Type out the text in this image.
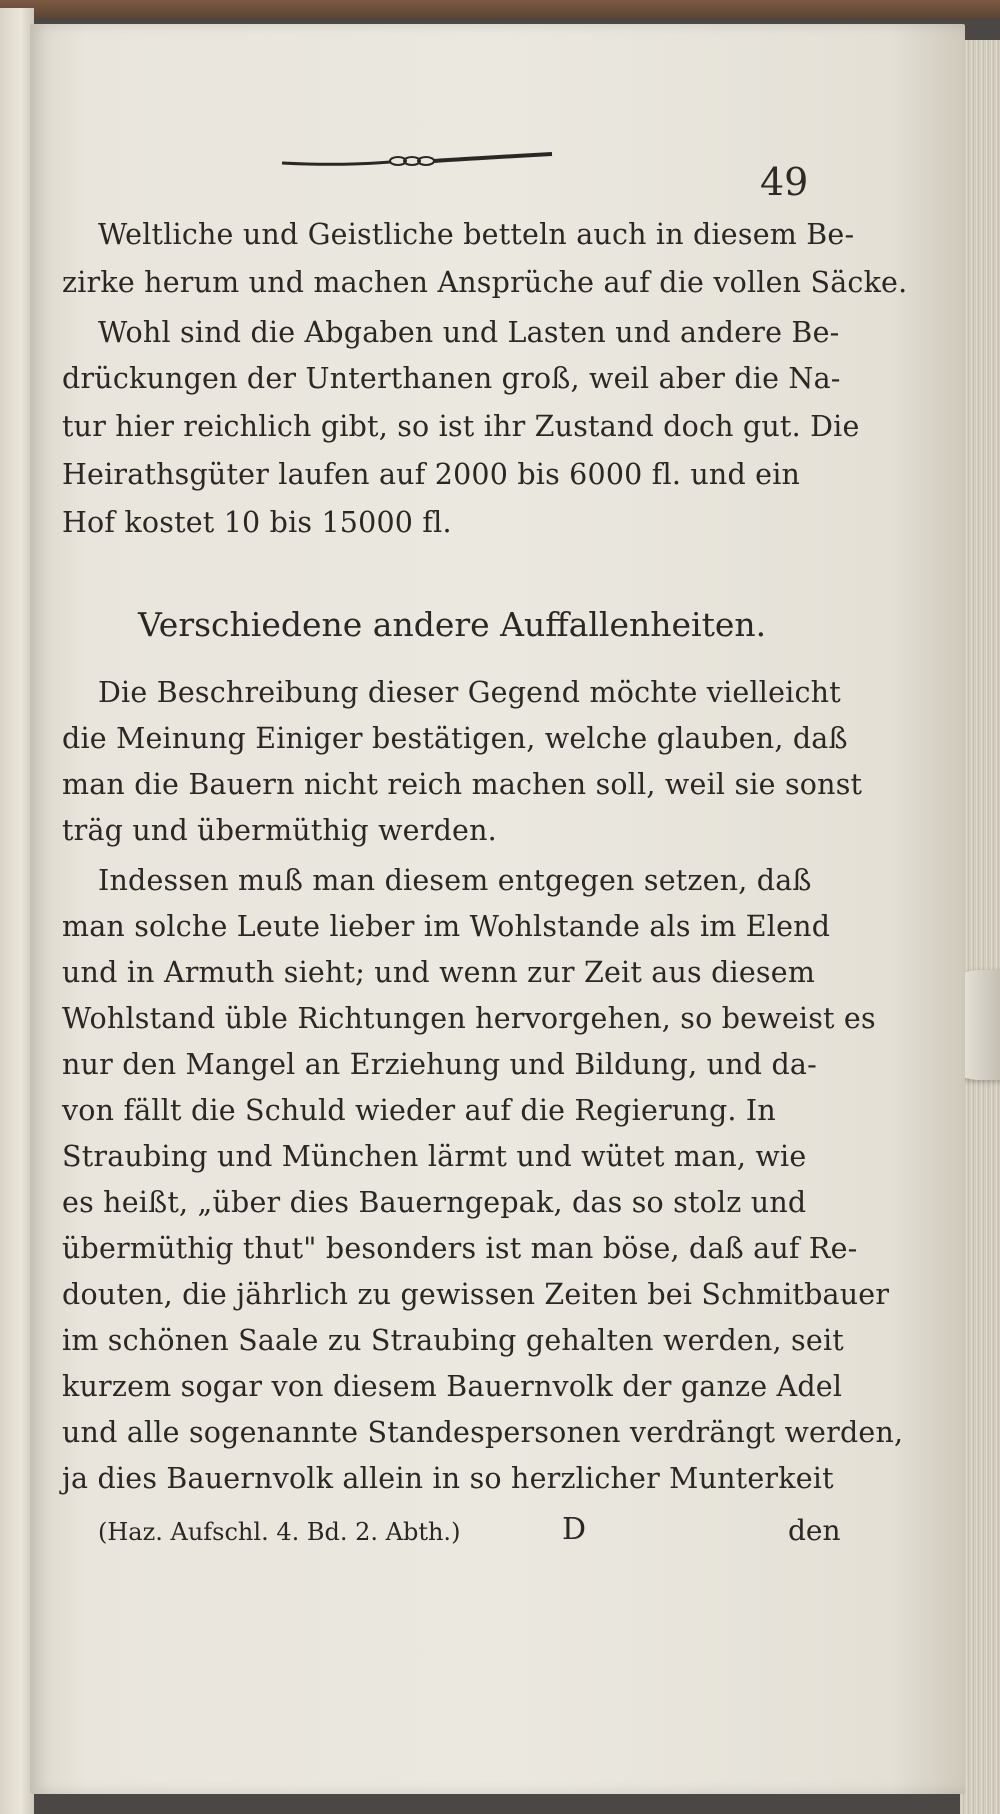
49

Weltliche und Geistliche betteln auch in diesem Be-

zirke herum und machen Ansprüche auf die vollen Säcke.

Wohl sind die Abgaben und Lasten und andere Be-

drückungen der Unterthanen groß, weil aber die Na-

tur hier reichlich gibt, so ist ihr Zustand doch gut. Die

Heirathsgüter laufen auf 2000 bis 6000 fl. und ein

Hof kostet 10 bis 15000 fl.

Verschiedene andere Auffallenheiten.

Die Beschreibung dieser Gegend möchte vielleicht

die Meinung Einiger bestätigen, welche glauben, daß

man die Bauern nicht reich machen soll, weil sie sonst

träg und übermüthig werden.

Indessen muß man diesem entgegen setzen, daß

man solche Leute lieber im Wohlstande als im Elend

und in Armuth sieht; und wenn zur Zeit aus diesem

Wohlstand üble Richtungen hervorgehen, so beweist es

nur den Mangel an Erziehung und Bildung, und da-

von fällt die Schuld wieder auf die Regierung. In

Straubing und München lärmt und wütet man, wie

es heißt, „über dies Bauerngepak, das so stolz und

übermüthig thut" besonders ist man böse, daß auf Re-

douten, die jährlich zu gewissen Zeiten bei Schmitbauer

im schönen Saale zu Straubing gehalten werden, seit

kurzem sogar von diesem Bauernvolk der ganze Adel

und alle sogenannte Standespersonen verdrängt werden,

ja dies Bauernvolk allein in so herzlicher Munterkeit

(Haz. Aufschl. 4. Bd. 2. Abth.)	D	den
